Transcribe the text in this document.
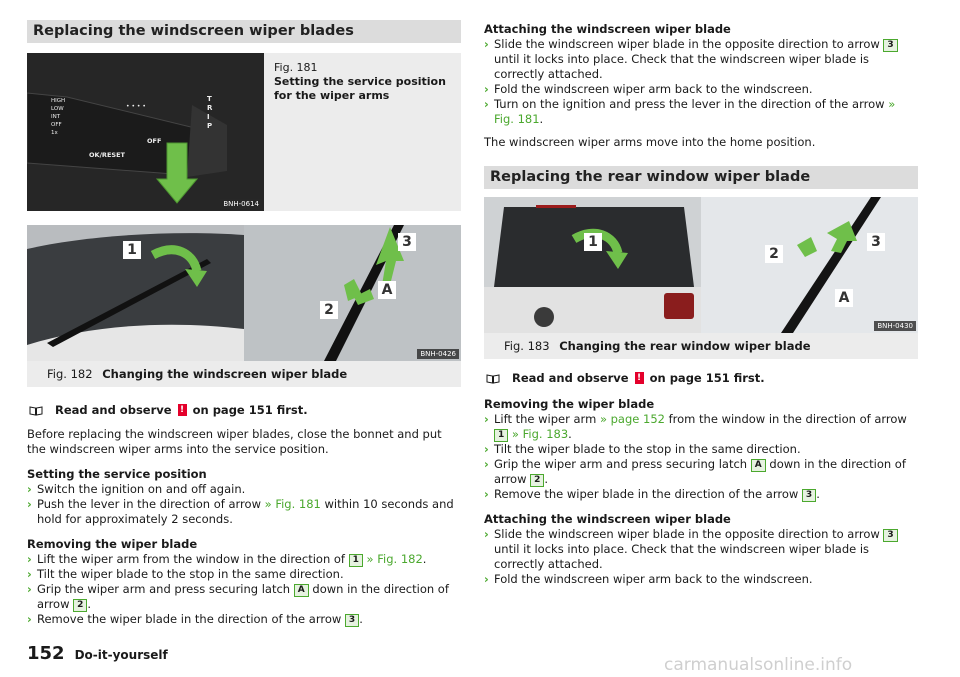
Replacing the windscreen wiper blades
HIGH
LOW
INT
OFF
1x
OK/RESET
OFF
• • • •
T
R
I
P
BNH-0614
Fig. 181
Setting the service position for the wiper arms
1	3
A
2
BNH-0426
Fig. 182 Changing the windscreen wiper blade
Read and observe
!
on page 151 first.

Before replacing the windscreen wiper blades, close the bonnet and put the windscreen wiper arms into the service position.

Setting the service position
› Switch the ignition on and off again.
› Push the lever in the direction of arrow » Fig. 181 within 10 seconds and hold for approximately 2 seconds.
Removing the wiper blade
› Lift the wiper arm from the window in the direction of 1 » Fig. 182.
› Tilt the wiper blade to the stop in the same direction.
› Grip the wiper arm and press securing latch A down in the direction of arrow 2 .
› Remove the wiper blade in the direction of the arrow 3 .
Attaching the windscreen wiper blade
› Slide the windscreen wiper blade in the opposite direction to arrow 3 until it locks into place. Check that the windscreen wiper blade is correctly attached.
› Fold the windscreen wiper arm back to the windscreen.
› Turn on the ignition and press the lever in the direction of the arrow » Fig. 181.

The windscreen wiper arms move into the home position.

Replacing the rear window wiper blade
1
2
3
A
BNH-0430
Fig. 183 Changing the rear window wiper blade
Read and observe
!
on page 151 first.
Removing the wiper blade
› Lift the wiper arm » page 152 from the window in the direction of arrow 1 » Fig. 183.
› Tilt the wiper blade to the stop in the same direction.
› Grip the wiper arm and press securing latch A down in the direction of arrow 2 .
› Remove the wiper blade in the direction of the arrow 3 .
Attaching the windscreen wiper blade
› Slide the windscreen wiper blade in the opposite direction to arrow 3 until it locks into place. Check that the windscreen wiper blade is correctly attached.
› Fold the windscreen wiper arm back to the windscreen.
152 Do-it-yourself	carmanualsonline.info
